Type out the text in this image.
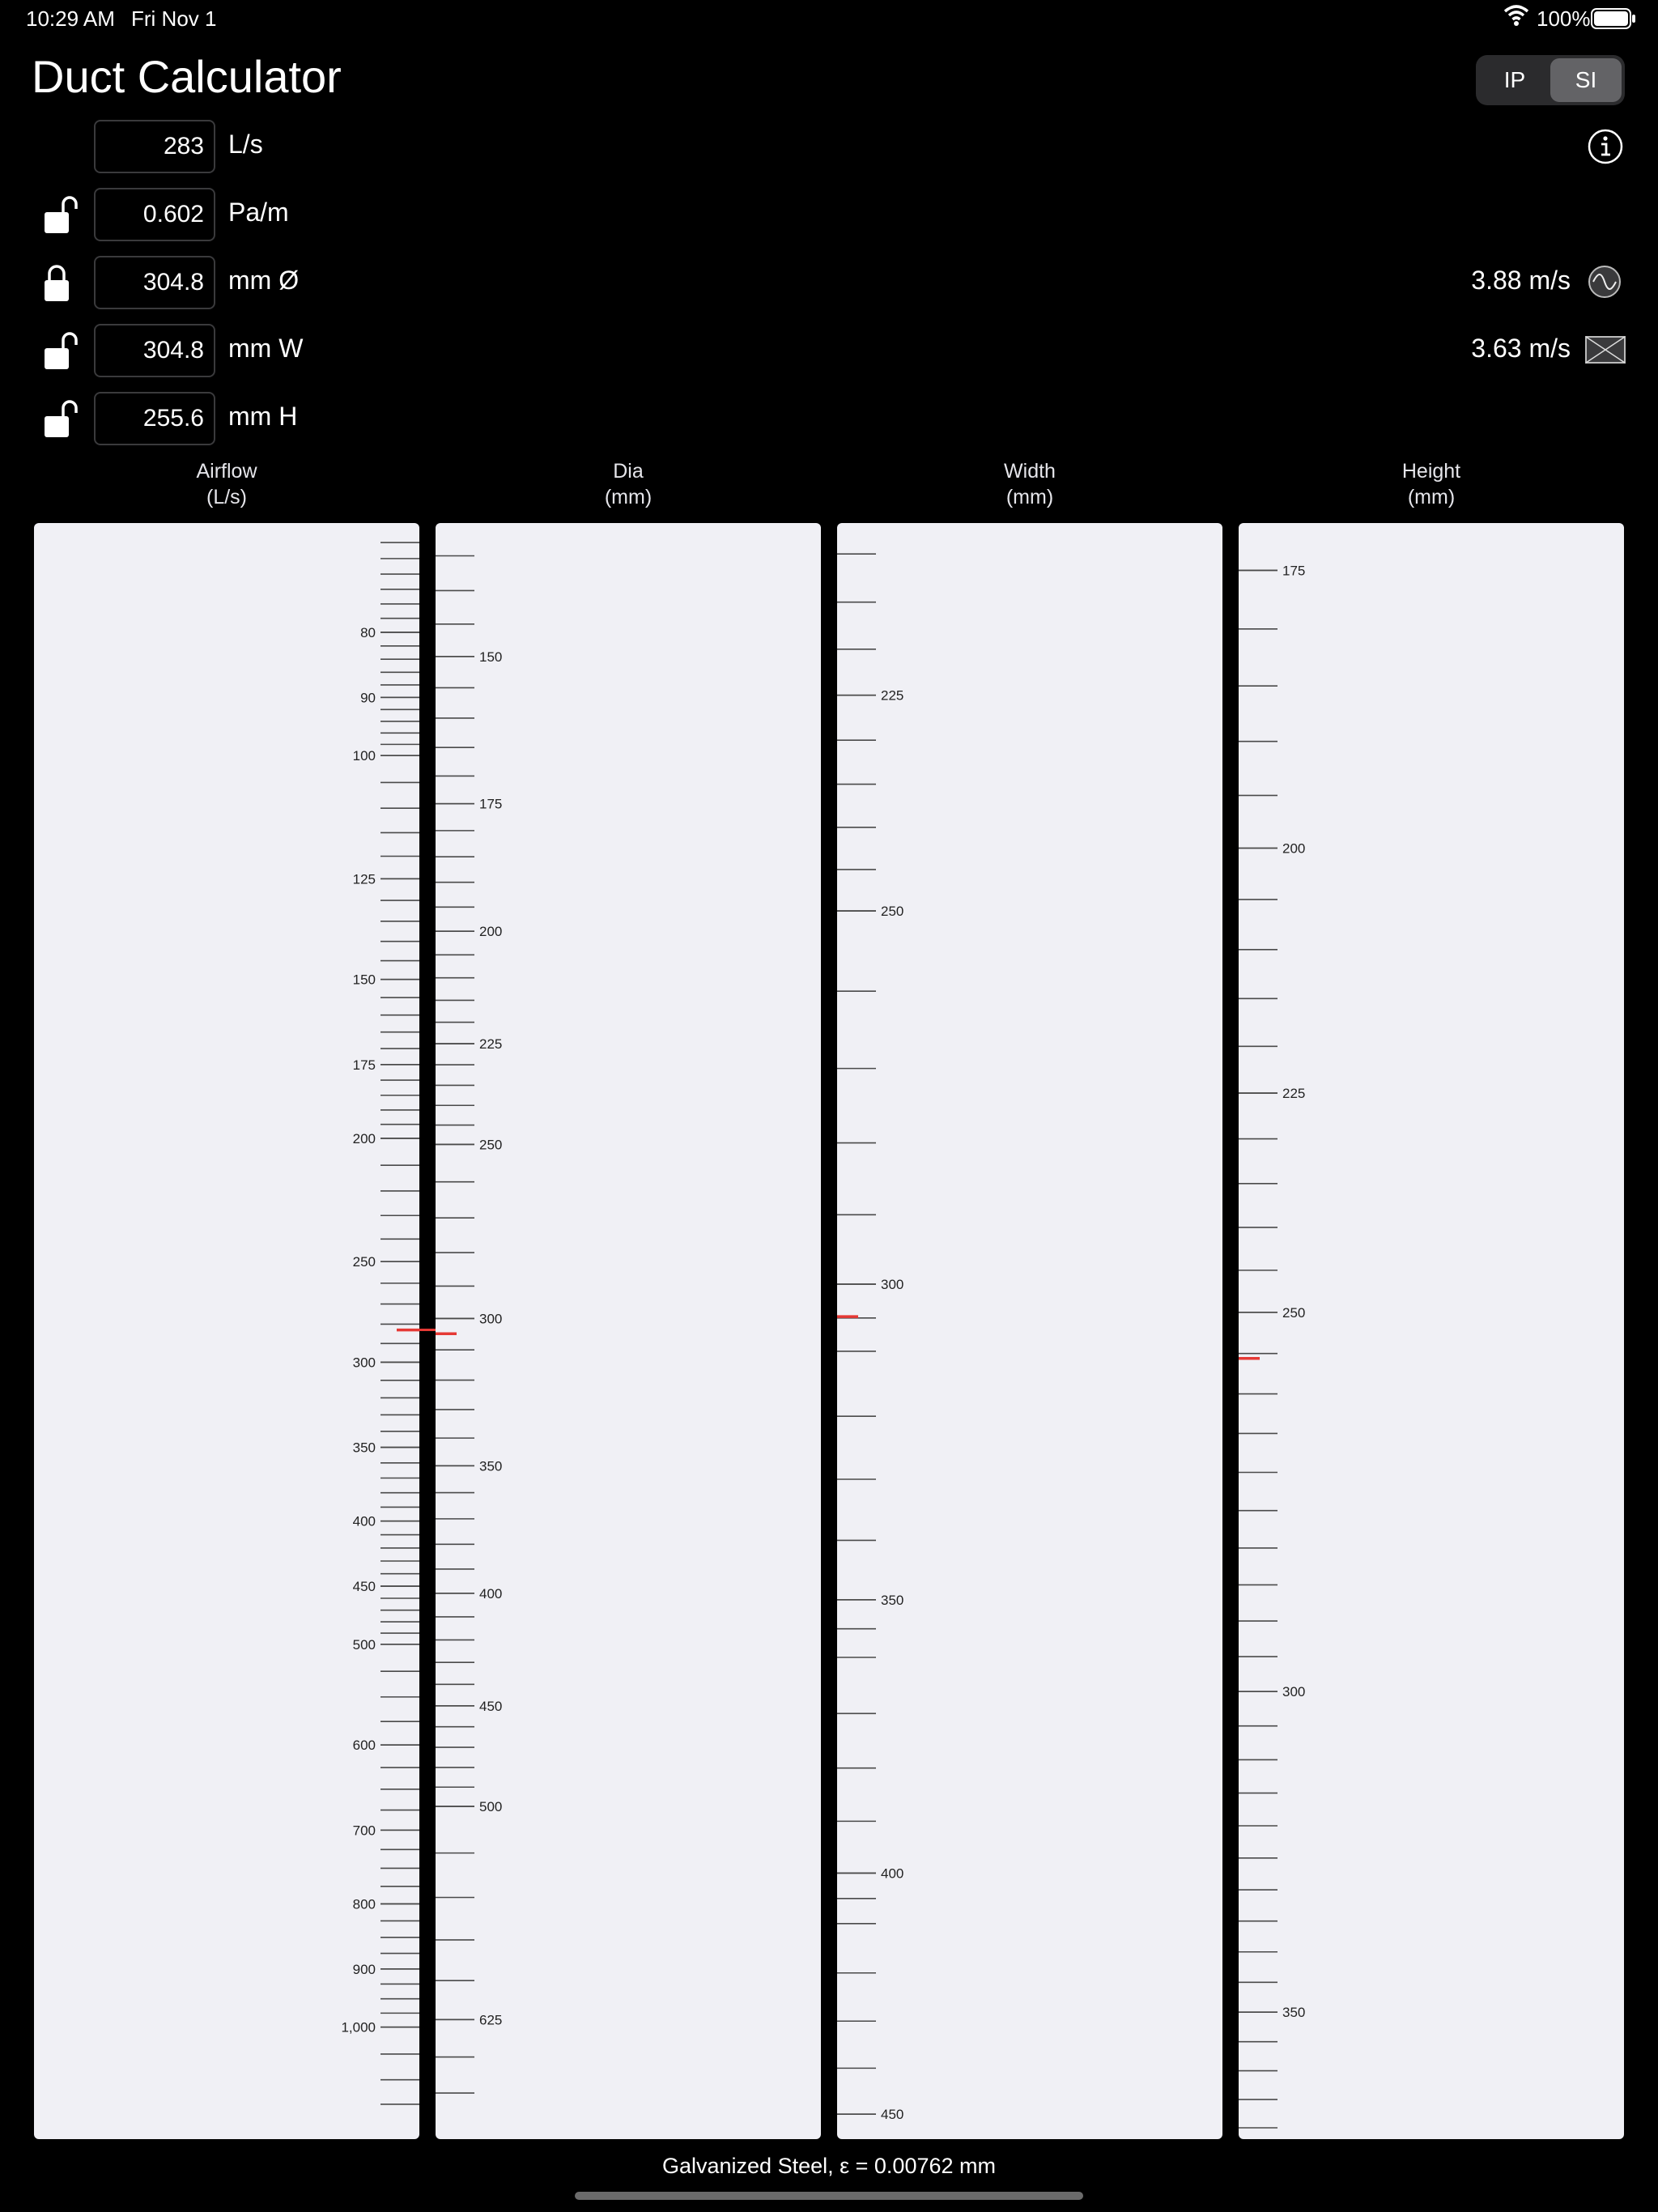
10:29 AM Fri Nov 1	100%
Duct Calculator	IP	SI
283 L/s
0.602 Pa/m
304.8 mm Ø
304.8 mm W
255.6 mm H
3.88 m/s
3.63 m/s
Airflow
(L/s)
Dia
(mm)
Width
(mm)
Height
(mm)
80
90
100
125
150
175
200
250
300
350
400
450
500
600
700
800
900
1,000
150
175
200
225
250
300
350
400
450
500
625
225
250
300
350
400
450
175
200
225
250
300
350
Galvanized Steel, ε = 0.00762 mm
